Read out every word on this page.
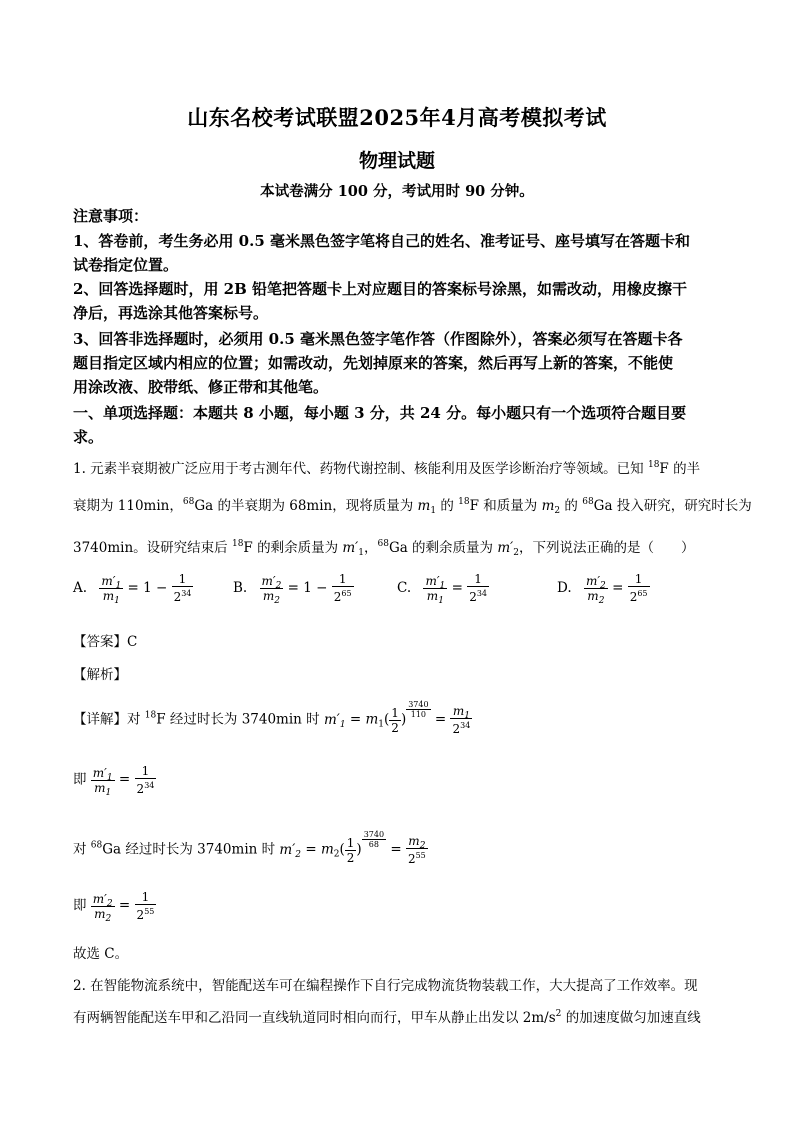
山东名校考试联盟2025年4月高考模拟考试
物理试题
本试卷满分 100 分，考试用时 90 分钟。
注意事项：
1、答卷前，考生务必用 0.5 毫米黑色签字笔将自己的姓名、准考证号、座号填写在答题卡和
试卷指定位置。
2、回答选择题时，用 2B 铅笔把答题卡上对应题目的答案标号涂黑，如需改动，用橡皮擦干
净后，再选涂其他答案标号。
3、回答非选择题时，必须用 0.5 毫米黑色签字笔作答（作图除外），答案必须写在答题卡各
题目指定区域内相应的位置；如需改动，先划掉原来的答案，然后再写上新的答案，不能使
用涂改液、胶带纸、修正带和其他笔。
一、单项选择题：本题共 8 小题，每小题 3 分，共 24 分。每小题只有一个选项符合题目要
求。
1. 元素半衰期被广泛应用于考古测年代、药物代谢控制、核能利用及医学诊断治疗等领域。已知 $^{18}$F 的半
衰期为 110min，$^{68}$Ga 的半衰期为 68min，现将质量为 $m_1$ 的 $^{18}$F 和质量为 $m_2$ 的 $^{68}$Ga 投入研究，研究时长为
3740min。设研究结束后 $^{18}$F 的剩余质量为 $m'_1$，$^{68}$Ga 的剩余质量为 $m'_2$，下列说法正确的是（　　）
A. $\frac{m'_1}{m_1} = 1 - \frac{1}{2^{34}}$	B. $\frac{m'_2}{m_2} = 1 - \frac{1}{2^{65}}$	C. $\frac{m'_1}{m_1} = \frac{1}{2^{34}}$	D. $\frac{m'_2}{m_2} = \frac{1}{2^{65}}$
【答案】C
【解析】
【详解】对 $^{18}$F 经过时长为 3740min 时 $m'_1 = m_1( \frac{1}{2}$ )
$^{\frac{3740}{110}}$
= $\frac{m_1}{2^{34}}$
即 $\frac{m'_1}{m_1} = \frac{1}{2^{34}}$
对 $^{68}$Ga 经过时长为 3740min 时 $m'_2 = m_2( \frac{1}{2}$ )
$^{\frac{3740}{68}}$
= $\frac{m_2}{2^{55}}$
即 $\frac{m'_2}{m_2} = \frac{1}{2^{55}}$
故选 C。
2. 在智能物流系统中，智能配送车可在编程操作下自行完成物流货物装载工作，大大提高了工作效率。现
有两辆智能配送车甲和乙沿同一直线轨道同时相向而行，甲车从静止出发以 $2m/s^2$ 的加速度做匀加速直线
